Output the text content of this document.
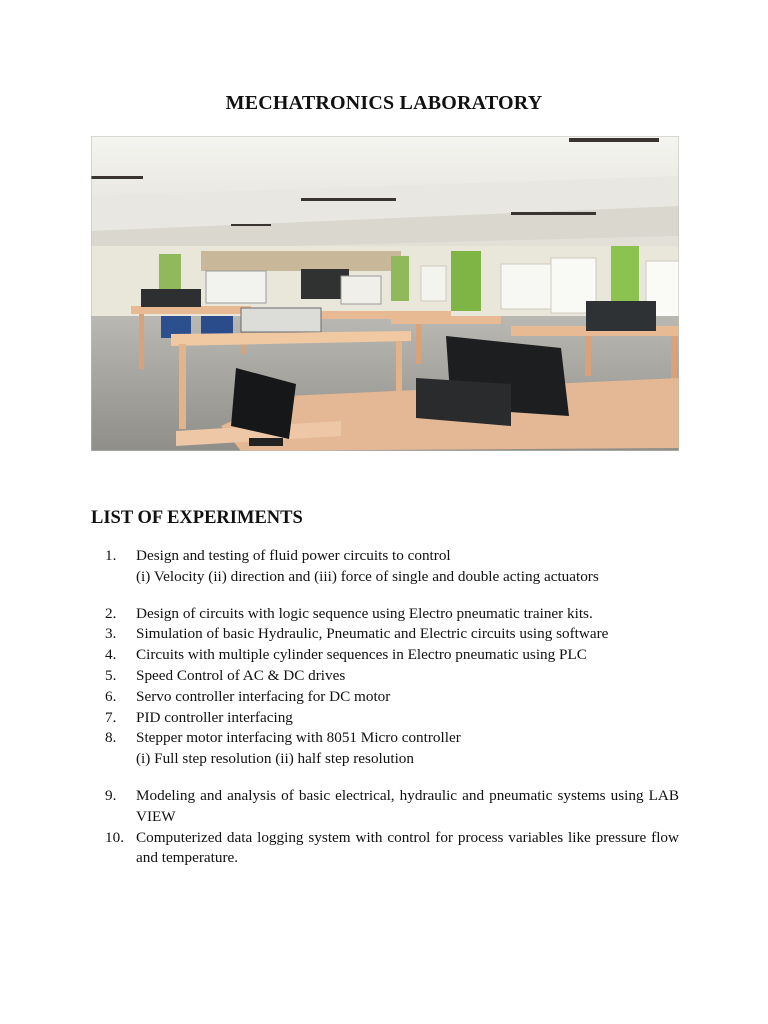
MECHATRONICS LABORATORY
LIST OF EXPERIMENTS
1.	Design and testing of fluid power circuits to control
(i) Velocity (ii) direction and (iii) force of single and double acting actuators
2.	Design of circuits with logic sequence using Electro pneumatic trainer kits.
3.	Simulation of basic Hydraulic, Pneumatic and Electric circuits using software
4.	Circuits with multiple cylinder sequences in Electro pneumatic using PLC
5.	Speed Control of AC & DC drives
6.	Servo controller interfacing for DC motor
7.	PID controller interfacing
8.	Stepper motor interfacing with 8051 Micro controller
(i) Full step resolution (ii) half step resolution
9.	Modeling and analysis of basic electrical, hydraulic and pneumatic systems using LAB VIEW
10. Computerized data logging system with control for process variables like pressure flow and temperature.
